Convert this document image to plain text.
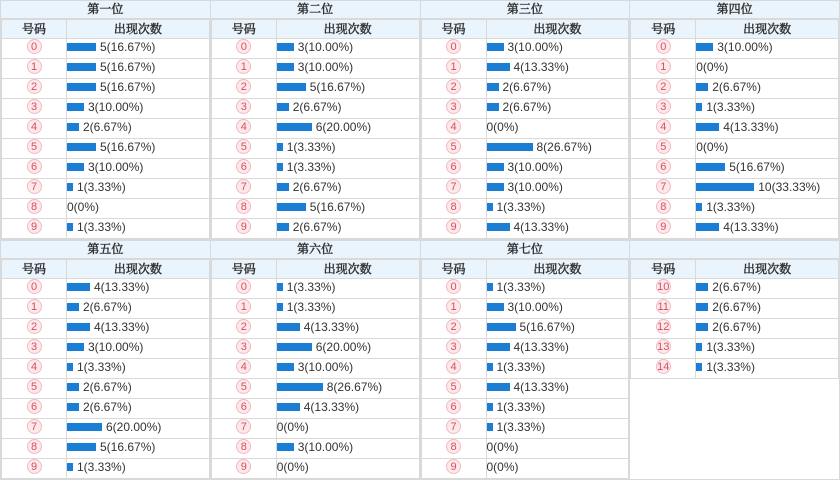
第一位	第二位	第三位	第四位

号码	出现次数
0	5(16.67%)
1	5(16.67%)
2	5(16.67%)
3	3(10.00%)
4	2(6.67%)
5	5(16.67%)
6	3(10.00%)
7	1(3.33%)
8	0(0%)
9	1(3.33%)

号码	出现次数
0	3(10.00%)
1	3(10.00%)
2	5(16.67%)
3	2(6.67%)
4	6(20.00%)
5	1(3.33%)
6	1(3.33%)
7	2(6.67%)
8	5(16.67%)
9	2(6.67%)

号码	出现次数
0	3(10.00%)
1	4(13.33%)
2	2(6.67%)
3	2(6.67%)
4	0(0%)
5	8(26.67%)
6	3(10.00%)
7	3(10.00%)
8	1(3.33%)
9	4(13.33%)

号码	出现次数
0	3(10.00%)
1	0(0%)
2	2(6.67%)
3	1(3.33%)
4	4(13.33%)
5	0(0%)
6	5(16.67%)
7	10(33.33%)
8	1(3.33%)
9	4(13.33%)
第五位	第六位	第七位	

号码	出现次数
0	4(13.33%)
1	2(6.67%)
2	4(13.33%)
3	3(10.00%)
4	1(3.33%)
5	2(6.67%)
6	2(6.67%)
7	6(20.00%)
8	5(16.67%)
9	1(3.33%)

号码	出现次数
0	1(3.33%)
1	1(3.33%)
2	4(13.33%)
3	6(20.00%)
4	3(10.00%)
5	8(26.67%)
6	4(13.33%)
7	0(0%)
8	3(10.00%)
9	0(0%)

号码	出现次数
0	1(3.33%)
1	3(10.00%)
2	5(16.67%)
3	4(13.33%)
4	1(3.33%)
5	4(13.33%)
6	1(3.33%)
7	1(3.33%)
8	0(0%)
9	0(0%)

号码	出现次数
10	2(6.67%)
11	2(6.67%)
12	2(6.67%)
13	1(3.33%)
14	1(3.33%)
